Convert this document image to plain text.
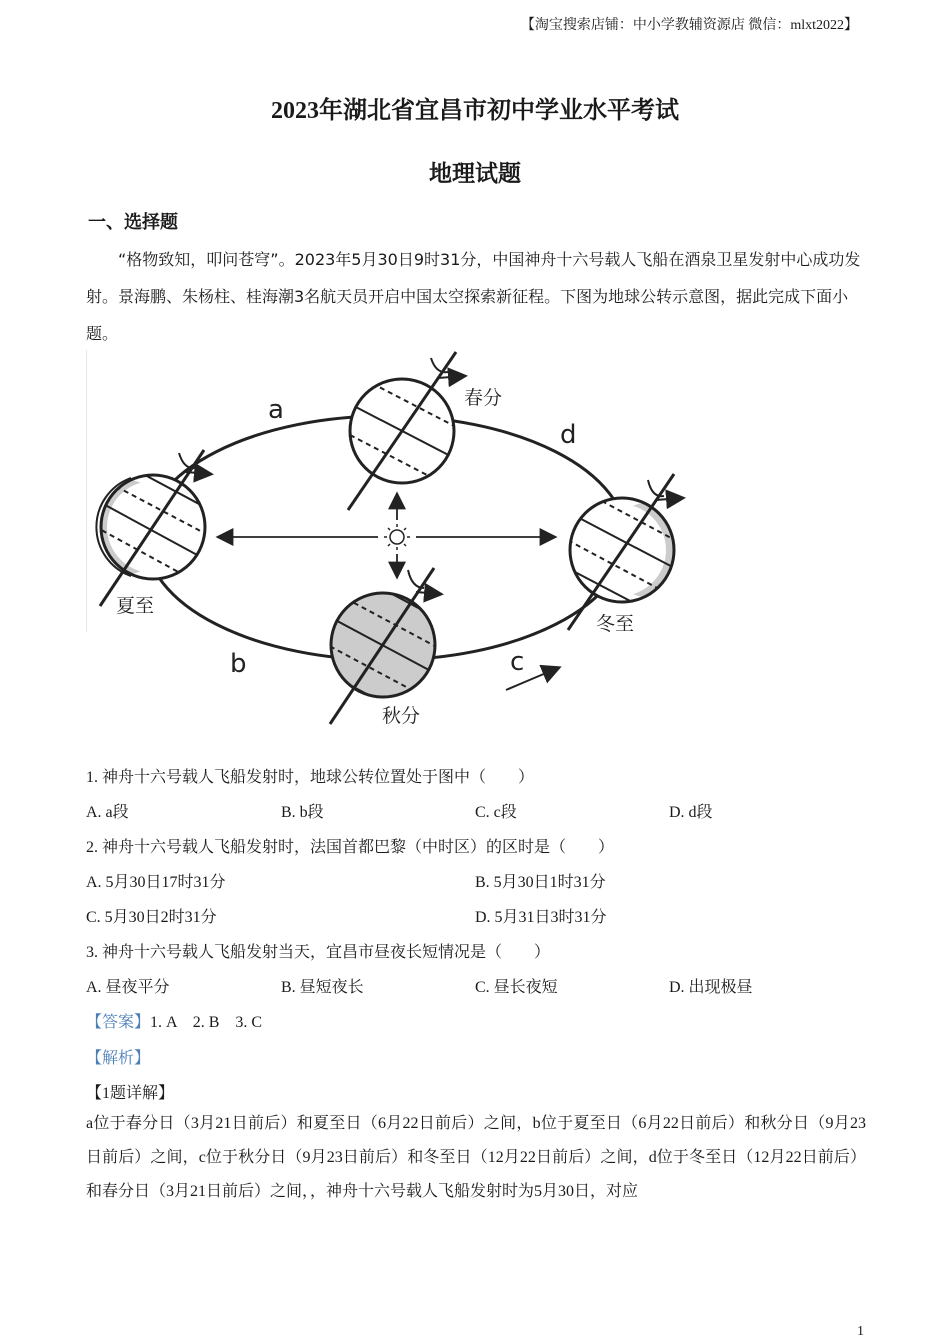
【淘宝搜索店铺：中小学教辅资源店 微信：mlxt2022】
2023年湖北省宜昌市初中学业水平考试
地理试题
一、选择题
“格物致知，叩问苍穹”。2023年5月30日9时31分，中国神舟十六号载人飞船在酒泉卫星发射中心成功发射。景海鹏、朱杨柱、桂海潮3名航天员开启中国太空探索新征程。下图为地球公转示意图，据此完成下面小题。
春分
夏至
冬至
秋分
a
d
b	c
1. 神舟十六号载人飞船发射时，地球公转位置处于图中（　　）
A. a段	B. b段	C. c段	D. d段
2. 神舟十六号载人飞船发射时，法国首都巴黎（中时区）的区时是（　　）
A. 5月30日17时31分	B. 5月30日1时31分
C. 5月30日2时31分	D. 5月31日3时31分
3. 神舟十六号载人飞船发射当天，宜昌市昼夜长短情况是（　　）
A. 昼夜平分	B. 昼短夜长	C. 昼长夜短	D. 出现极昼
【答案】1. A　2. B　3. C
【解析】
【1题详解】
a位于春分日（3月21日前后）和夏至日（6月22日前后）之间，b位于夏至日（6月22日前后）和秋分日（9月23日前后）之间，c位于秋分日（9月23日前后）和冬至日（12月22日前后）之间，d位于冬至日（12月22日前后）和春分日（3月21日前后）之间，，神舟十六号载人飞船发射时为5月30日，对应
1
